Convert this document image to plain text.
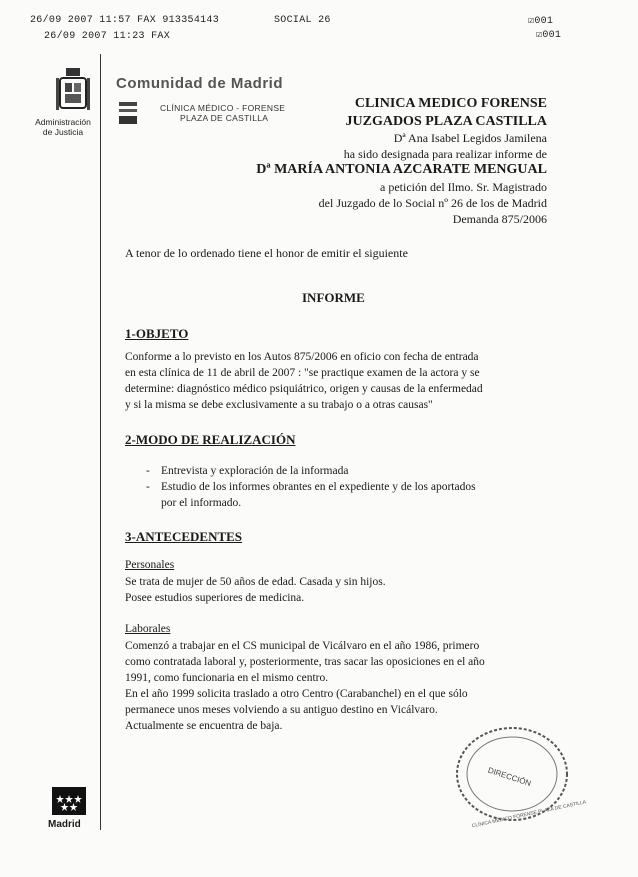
26/09 2007 11:57 FAX 913354143	SOCIAL 26	☑001
26/09 2007 11:23 FAX	☑001
Administración de Justicia
Madrid
Comunidad de Madrid
CLÍNICA MÉDICO - FORENSE
PLAZA DE CASTILLA
CLINICA MEDICO FORENSE
JUZGADOS PLAZA CASTILLA
Dª Ana Isabel Legidos Jamilena
ha sido designada para realizar informe de
Dª MARÍA ANTONIA AZCARATE MENGUAL
a petición del Ilmo. Sr. Magistrado
del Juzgado de lo Social nº 26 de los de Madrid
Demanda 875/2006
A tenor de lo ordenado tiene el honor de emitir el siguiente
INFORME
1-OBJETO
Conforme a lo previsto en los Autos 875/2006 en oficio con fecha de entrada
en esta clínica de 11 de abril de 2007 : "se practique examen de la actora y se
determine: diagnóstico médico psiquiátrico, origen y causas de la enfermedad
y si la misma se debe exclusivamente a su trabajo o a otras causas"
2-MODO DE REALIZACIÓN
- Entrevista y exploración de la informada
- Estudio de los informes obrantes en el expediente y de los aportados
por el informado.
3-ANTECEDENTES
Personales
Se trata de mujer de 50 años de edad. Casada y sin hijos.
Posee estudios superiores de medicina.
Laborales
Comenzó a trabajar en el CS municipal de Vicálvaro en el año 1986, primero
como contratada laboral y, posteriormente, tras sacar las oposiciones en el año
1991, como funcionaria en el mismo centro.
En el año 1999 solicita traslado a otro Centro (Carabanchel) en el que sólo
permanece unos meses volviendo a su antiguo destino en Vicálvaro.
Actualmente se encuentra de baja.
DIRECCIÓN
CLÍNICA MÉDICO FORENSE PLAZA DE CASTILLA
